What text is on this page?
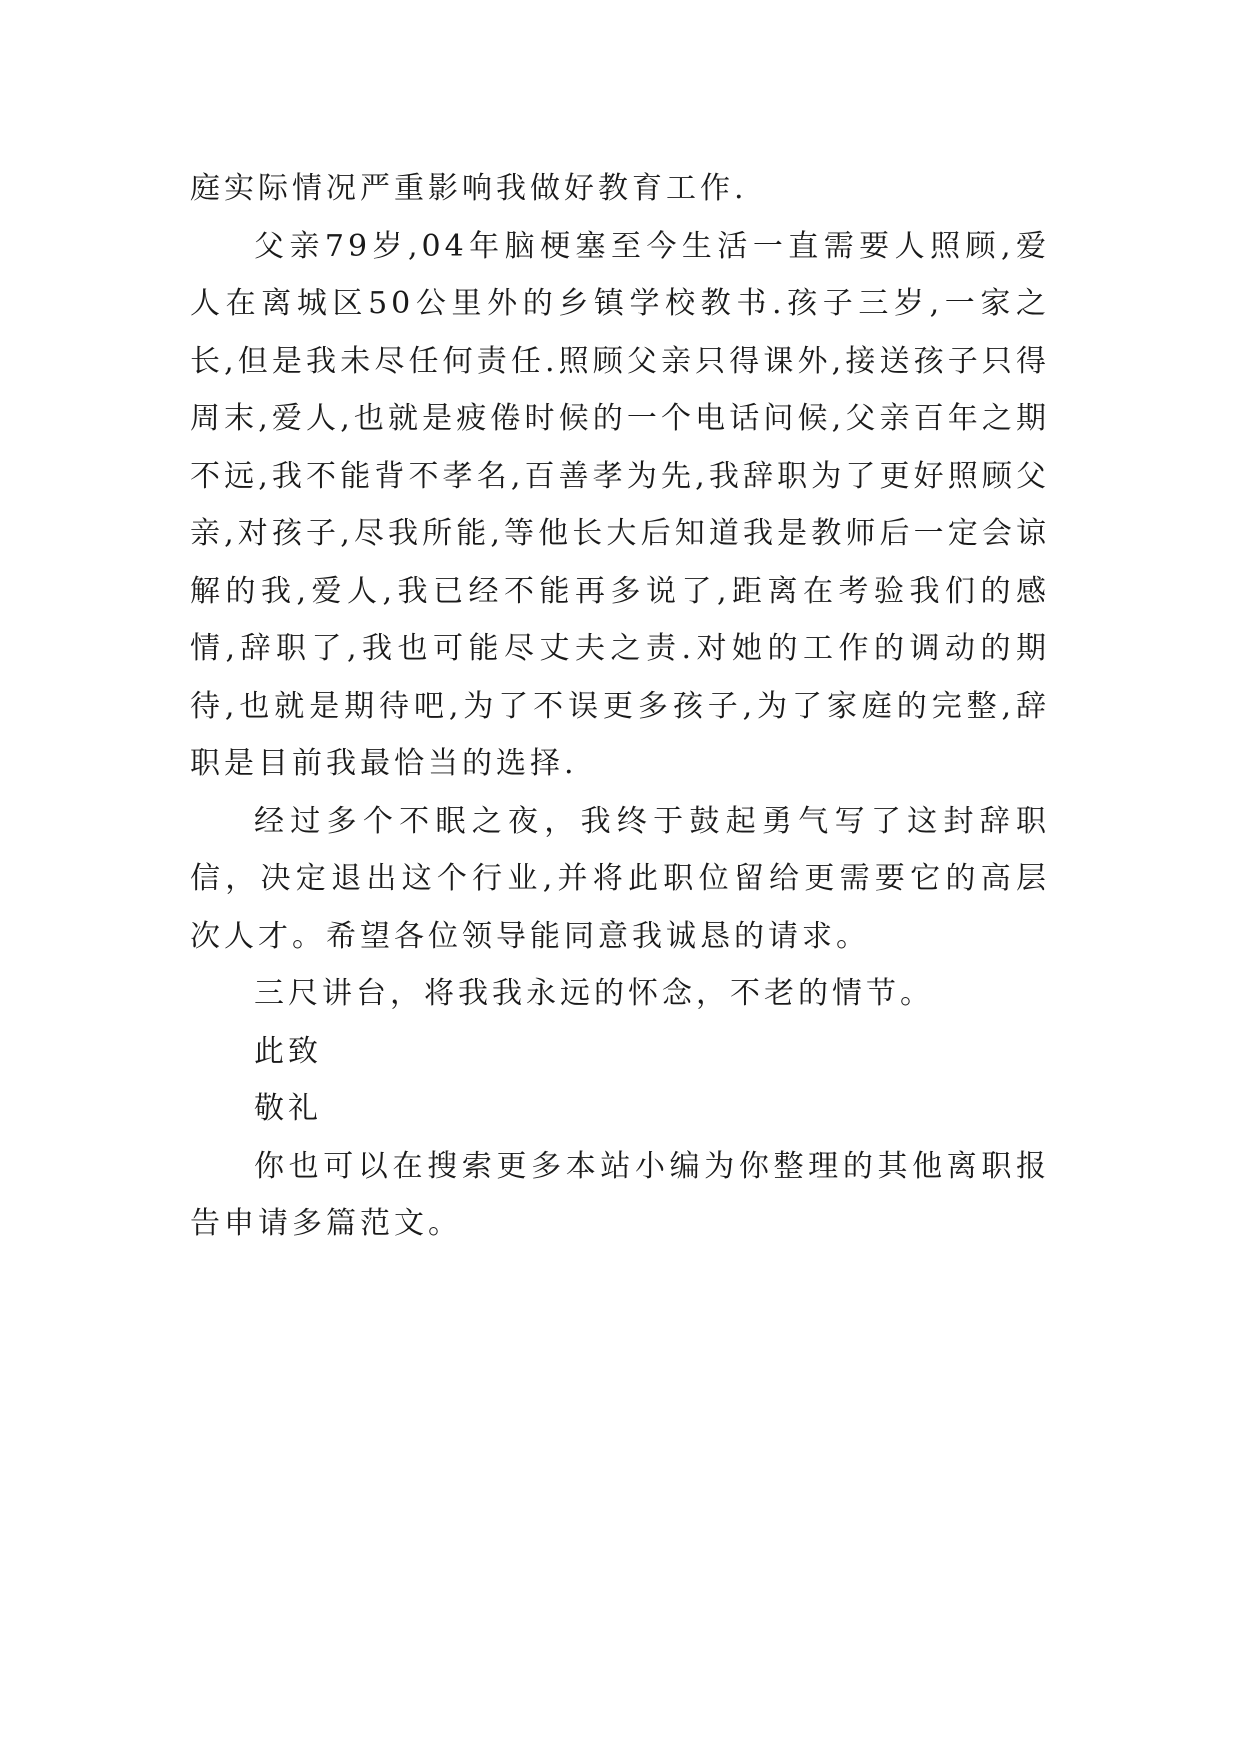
庭实际情况严重影响我做好教育工作.

父亲79岁,04年脑梗塞至今生活一直需要人照顾,爱人在离城区50公里外的乡镇学校教书.孩子三岁,一家之长,但是我未尽任何责任.照顾父亲只得课外,接送孩子只得周末,爱人,也就是疲倦时候的一个电话问候,父亲百年之期不远,我不能背不孝名,百善孝为先,我辞职为了更好照顾父亲,对孩子,尽我所能,等他长大后知道我是教师后一定会谅解的我,爱人,我已经不能再多说了,距离在考验我们的感情,辞职了,我也可能尽丈夫之责.对她的工作的调动的期待,也就是期待吧,为了不误更多孩子,为了家庭的完整,辞职是目前我最恰当的选择.

经过多个不眠之夜，我终于鼓起勇气写了这封辞职信，决定退出这个行业,并将此职位留给更需要它的高层次人才。希望各位领导能同意我诚恳的请求。

三尺讲台，将我我永远的怀念，不老的情节。

此致

敬礼

你也可以在搜索更多本站小编为你整理的其他离职报告申请多篇范文。
